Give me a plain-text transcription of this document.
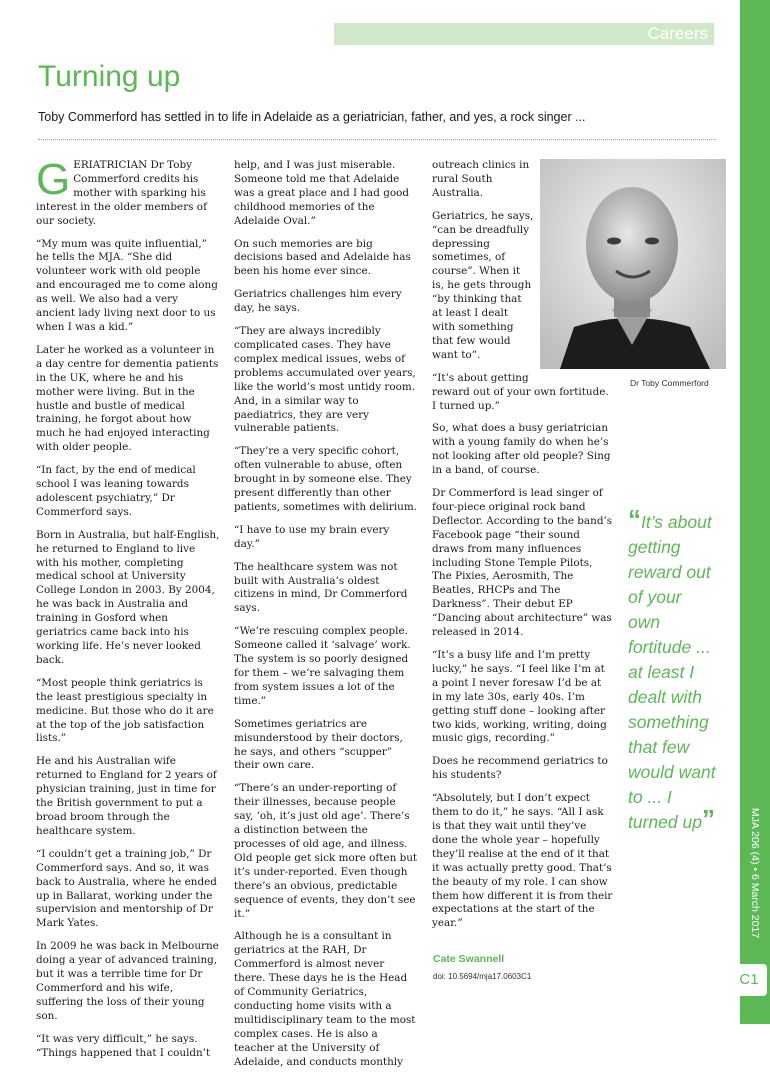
Careers
MJA 206 (4) • 6 March 2017
C1
Turning up

Toby Commerford has settled in to life in Adelaide as a geriatrician, father, and yes, a rock singer ...

GERIATRICIAN Dr Toby Commerford credits his mother with sparking his interest in the older members of our society.

“My mum was quite influential,” he tells the MJA. “She did volunteer work with old people and encouraged me to come along as well. We also had a very ancient lady living next door to us when I was a kid.”

Later he worked as a volunteer in a day centre for dementia patients in the UK, where he and his mother were living. But in the hustle and bustle of medical training, he forgot about how much he had enjoyed interacting with older people.

“In fact, by the end of medical school I was leaning towards adolescent psychiatry,” Dr Commerford says.

Born in Australia, but half-English, he returned to England to live with his mother, completing medical school at University College London in 2003. By 2004, he was back in Australia and training in Gosford when geriatrics came back into his working life. He’s never looked back.

“Most people think geriatrics is the least prestigious specialty in medicine. But those who do it are at the top of the job satisfaction lists.”

He and his Australian wife returned to England for 2 years of physician training, just in time for the British government to put a broad broom through the healthcare system.

“I couldn’t get a training job,” Dr Commerford says. And so, it was back to Australia, where he ended up in Ballarat, working under the supervision and mentorship of Dr Mark Yates.

In 2009 he was back in Melbourne doing a year of advanced training, but it was a terrible time for Dr Commerford and his wife, suffering the loss of their young son.

“It was very difficult,” he says. “Things happened that I couldn’t

help, and I was just miserable. Someone told me that Adelaide was a great place and I had good childhood memories of the Adelaide Oval.”

On such memories are big decisions based and Adelaide has been his home ever since.

Geriatrics challenges him every day, he says.

“They are always incredibly complicated cases. They have complex medical issues, webs of problems accumulated over years, like the world’s most untidy room. And, in a similar way to paediatrics, they are very vulnerable patients.

“They’re a very specific cohort, often vulnerable to abuse, often brought in by someone else. They present differently than other patients, sometimes with delirium.

“I have to use my brain every day.”

The healthcare system was not built with Australia’s oldest citizens in mind, Dr Commerford says.

“We’re rescuing complex people. Someone called it ‘salvage’ work. The system is so poorly designed for them – we’re salvaging them from system issues a lot of the time.”

Sometimes geriatrics are misunderstood by their doctors, he says, and others “scupper” their own care.

“There’s an under-reporting of their illnesses, because people say, ‘oh, it’s just old age’. There’s a distinction between the processes of old age, and illness. Old people get sick more often but it’s under-reported. Even though there’s an obvious, predictable sequence of events, they don’t see it.”

Although he is a consultant in geriatrics at the RAH, Dr Commerford is almost never there. These days he is the Head of Community Geriatrics, conducting home visits with a multidisciplinary team to the most complex cases. He is also a teacher at the University of Adelaide, and conducts monthly

outreach clinics in rural South Australia.

Geriatrics, he says, “can be dreadfully depressing sometimes, of course”. When it is, he gets through “by thinking that at least I dealt with something that few would want to”.

“It’s about getting reward out of your own fortitude. I turned up.”

So, what does a busy geriatrician with a young family do when he’s not looking after old people? Sing in a band, of course.

Dr Commerford is lead singer of four-piece original rock band Deflector. According to the band’s Facebook page “their sound draws from many influences including Stone Temple Pilots, The Pixies, Aerosmith, The Beatles, RHCPs and The Darkness”. Their debut EP “Dancing about architecture” was released in 2014.

“It’s a busy life and I’m pretty lucky,” he says. “I feel like I’m at a point I never foresaw I’d be at in my late 30s, early 40s. I’m getting stuff done – looking after two kids, working, writing, doing music gigs, recording.”

Does he recommend geriatrics to his students?

“Absolutely, but I don’t expect them to do it,” he says. “All I ask is that they wait until they’ve done the whole year – hopefully they’ll realise at the end of it that it was actually pretty good. That’s the beauty of my role. I can show them how different it is from their expectations at the start of the year.”

Dr Toby Commerford
“It’s about getting reward out of your own fortitude ... at least I dealt with something that few would want to ... I turned up”
Cate Swannell
doi: 10.5694/mja17.0603C1
